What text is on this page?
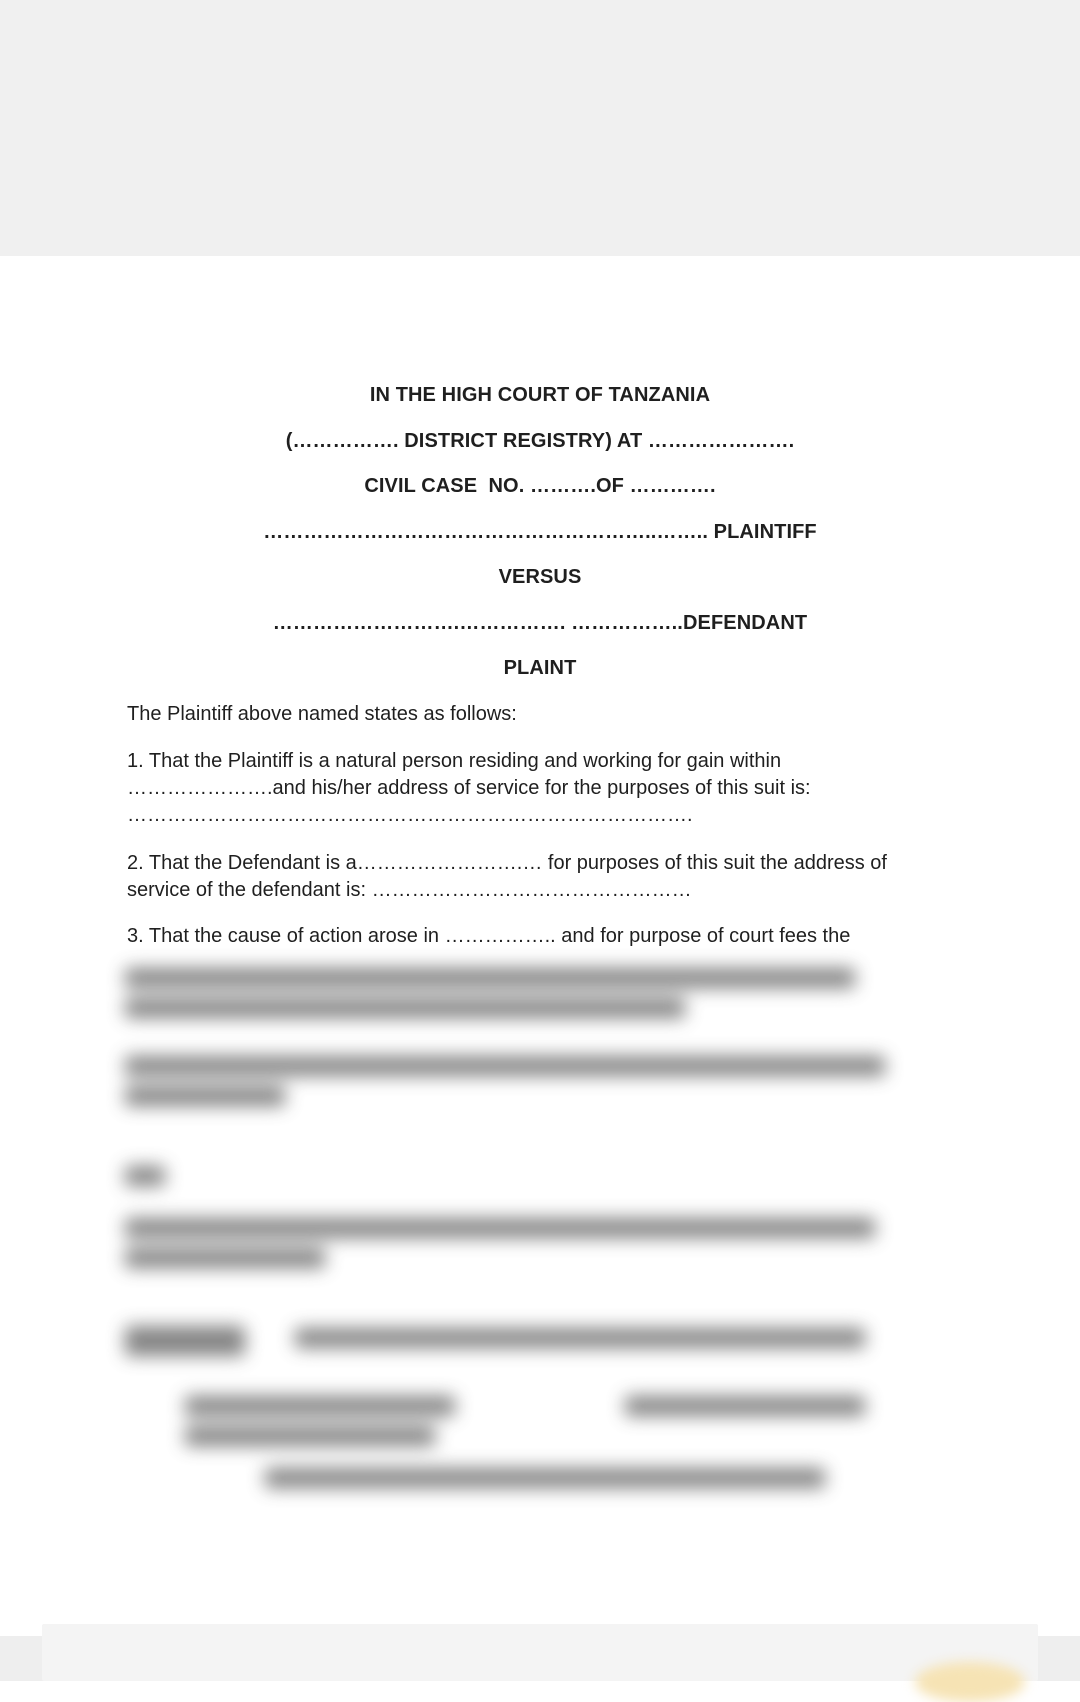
IN THE HIGH COURT OF TANZANIA
(……………. DISTRICT REGISTRY) AT ………………….
CIVIL CASE  NO. ……….OF ………….
…………………………………………………..…….. PLAINTIFF
VERSUS
……………………….……………. ……………..DEFENDANT
PLAINT
The Plaintiff above named states as follows:
1. That the Plaintiff is a natural person residing and working for gain within
………………….and his/her address of service for the purposes of this suit is:
………………………………………………………………………….
2. That the Defendant is a…………………….… for purposes of this suit the address of
service of the defendant is: …………………………………………
3. That the cause of action arose in …………….. and for purpose of court fees the
